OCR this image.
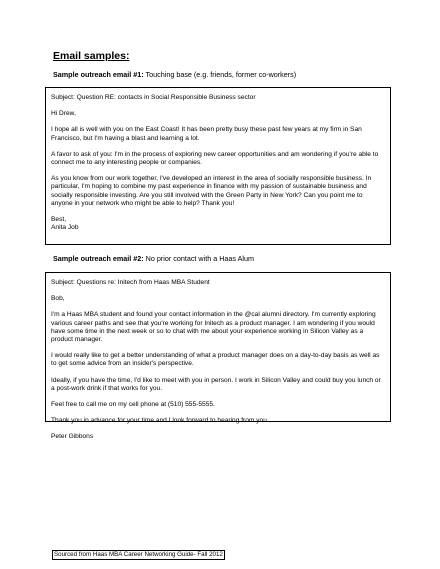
Email samples:
Sample outreach email #1: Touching base (e.g. friends, former co-workers)

Subject: Question RE: contacts in Social Responsible Business sector

Hi Drew,

I hope all is well with you on the East Coast! It has been pretty busy these past few years at my firm in San Francisco, but I'm having a blast and learning a lot.

A favor to ask of you: I'm in the process of exploring new career opportunities and am wondering if you're able to connect me to any interesting people or companies.

As you know from our work together, I've developed an interest in the area of socially responsible business. In particular, I'm hoping to combine my past experience in finance with my passion of sustainable business and socially responsible investing. Are you still involved with the Green Party in New York? Can you point me to anyone in your network who might be able to help? Thank you!

Best,

Anita Job

Sample outreach email #2: No prior contact with a Haas Alum

Subject: Questions re: Initech from Haas MBA Student

Bob,

I'm a Haas MBA student and found your contact information in the @cal alumni directory. I'm currently exploring various career paths and see that you're working for Initech as a product manager. I am wondering if you would have some time in the next week or so to chat with me about your experience working in Silicon Valley as a product manager.

I would really like to get a better understanding of what a product manager does on a day-to-day basis as well as to get some advice from an insider's perspective.

Ideally, if you have the time, I'd like to meet with you in person. I work in Silicon Valley and could buy you lunch or a post-work drink if that works for you.

Feel free to call me on my cell phone at (510) 555-5555.

Thank you in advance for your time and I look forward to hearing from you.

Peter Gibbons

Sourced from Haas MBA Career Networking Guide- Fall 2012
